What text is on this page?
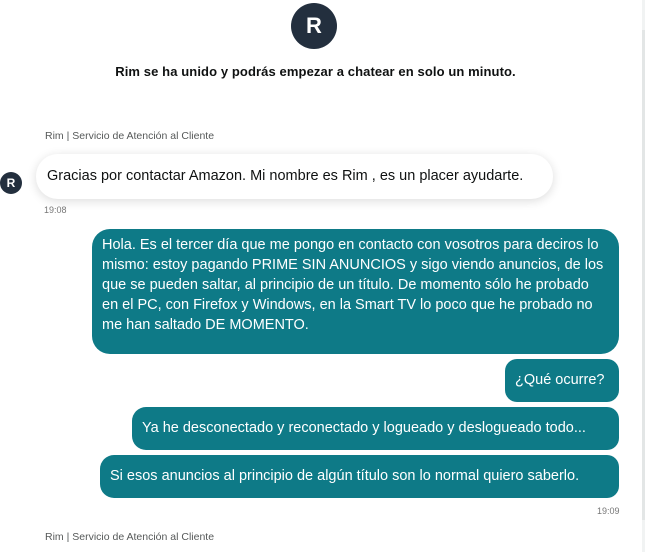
R
Rim se ha unido y podrás empezar a chatear en solo un minuto.
Rim | Servicio de Atención al Cliente
R	Gracias por contactar Amazon. Mi nombre es Rim , es un placer ayudarte.
19:08
Hola. Es el tercer día que me pongo en contacto con vosotros para deciros lo mismo: estoy pagando PRIME SIN ANUNCIOS y sigo viendo anuncios, de los que se pueden saltar, al principio de un título. De momento sólo he probado en el PC, con Firefox y Windows, en la Smart TV lo poco que he probado no me han saltado DE MOMENTO.
¿Qué ocurre?
Ya he desconectado y reconectado y logueado y deslogueado todo...
Si esos anuncios al principio de algún título son lo normal quiero saberlo.
19:09
Rim | Servicio de Atención al Cliente
